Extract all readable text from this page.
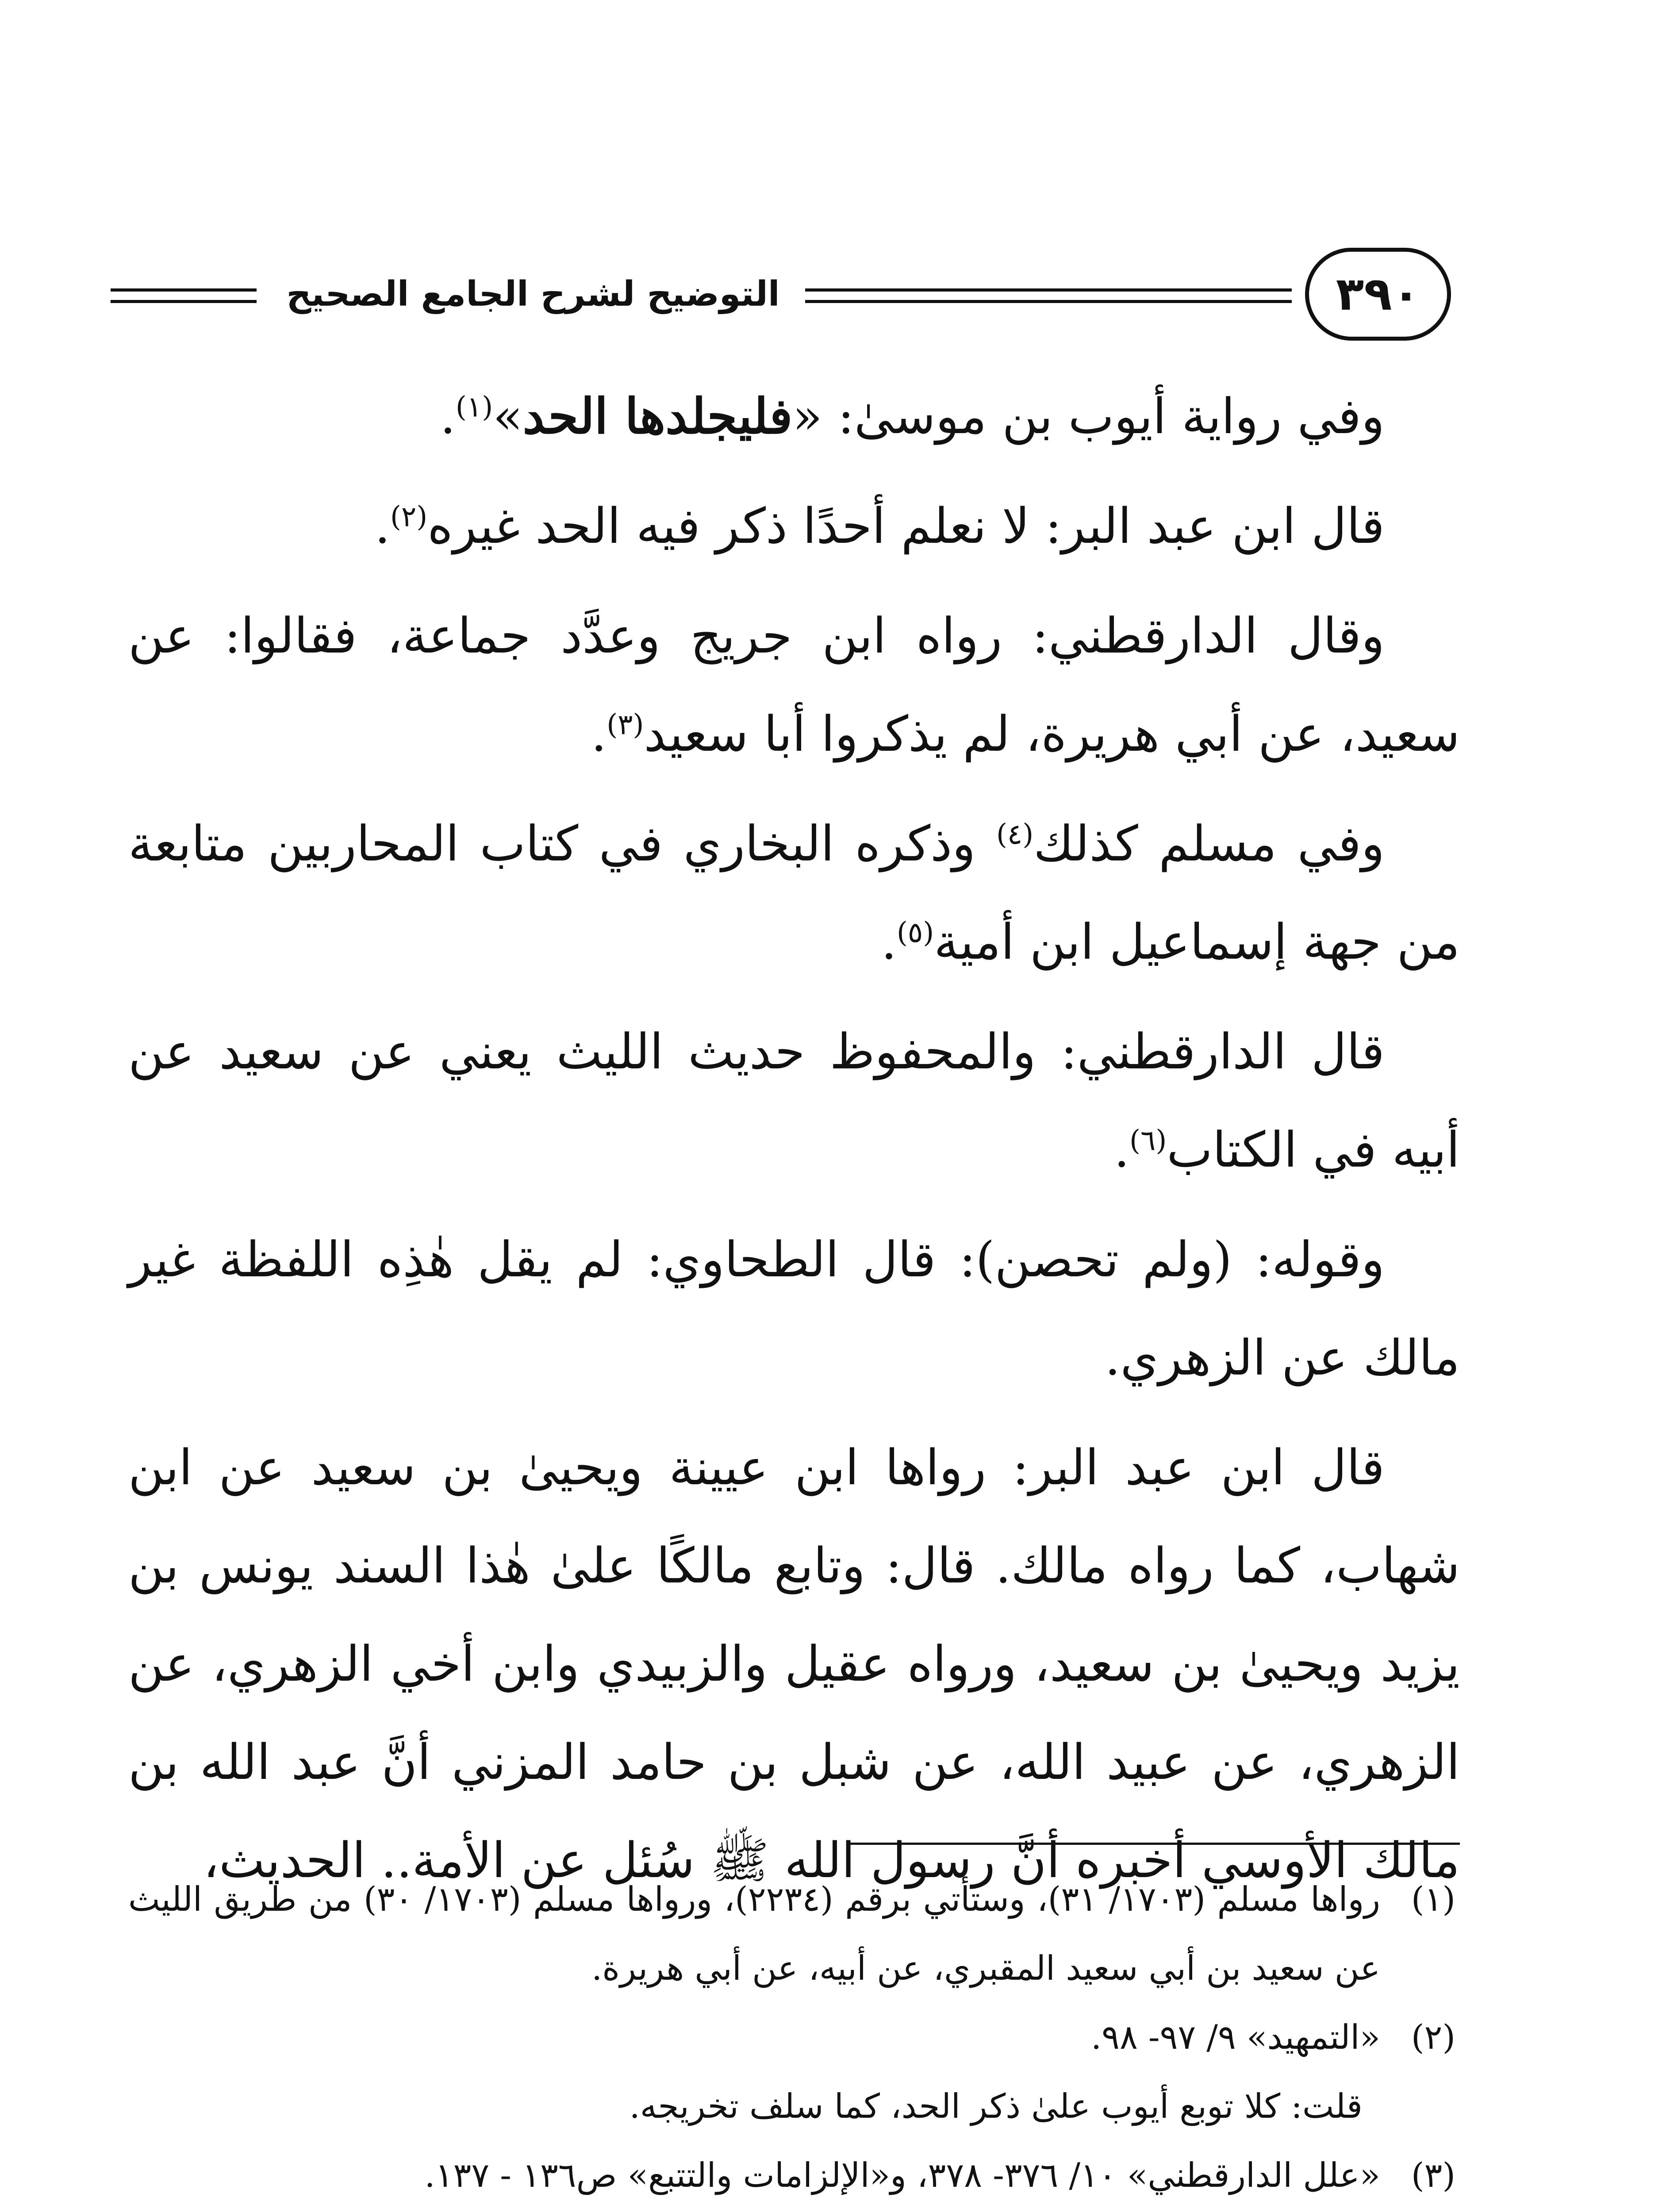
التوضيح لشرح الجامع الصحيح	٣٩٠

وفي رواية أيوب بن موسىٰ: «فليجلدها الحد»$^{(١)}$.

قال ابن عبد البر: لا نعلم أحدًا ذكر فيه الحد غيره$^{(٢)}$.

وقال الدارقطني: رواه ابن جريج وعدَّد جماعة، فقالوا: عن سعيد، عن أبي هريرة، لم يذكروا أبا سعيد$^{(٣)}$.

وفي مسلم كذلك$^{(٤)}$ وذكره البخاري في كتاب المحاربين متابعة من جهة إسماعيل ابن أمية$^{(٥)}$.

قال الدارقطني: والمحفوظ حديث الليث يعني عن سعيد عن أبيه في الكتاب$^{(٦)}$.

وقوله: (ولم تحصن): قال الطحاوي: لم يقل هٰذِه اللفظة غير مالك عن الزهري.

قال ابن عبد البر: رواها ابن عيينة ويحيىٰ بن سعيد عن ابن شهاب، كما رواه مالك. قال: وتابع مالكًا علىٰ هٰذا السند يونس بن يزيد ويحيىٰ بن سعيد، ورواه عقيل والزبيدي وابن أخي الزهري، عن الزهري، عن عبيد الله، عن شبل بن حامد المزني أنَّ عبد الله بن مالك الأوسي أخبره أنَّ رسول الله ﷺ سُئل عن الأمة.. الحديث،

(١)
رواها مسلم (١٧٠٣/ ٣١)، وستأتي برقم (٢٢٣٤)، ورواها مسلم (١٧٠٣/ ٣٠) من طريق الليث عن سعيد بن أبي سعيد المقبري، عن أبيه، عن أبي هريرة.
(٢)
«التمهيد» ٩/ ٩٧- ٩٨.
قلت: كلا توبع أيوب علىٰ ذكر الحد، كما سلف تخريجه.
(٣)
«علل الدارقطني» ١٠/ ٣٧٦- ٣٧٨، و«الإلزامات والتتبع» ص١٣٦ - ١٣٧.
